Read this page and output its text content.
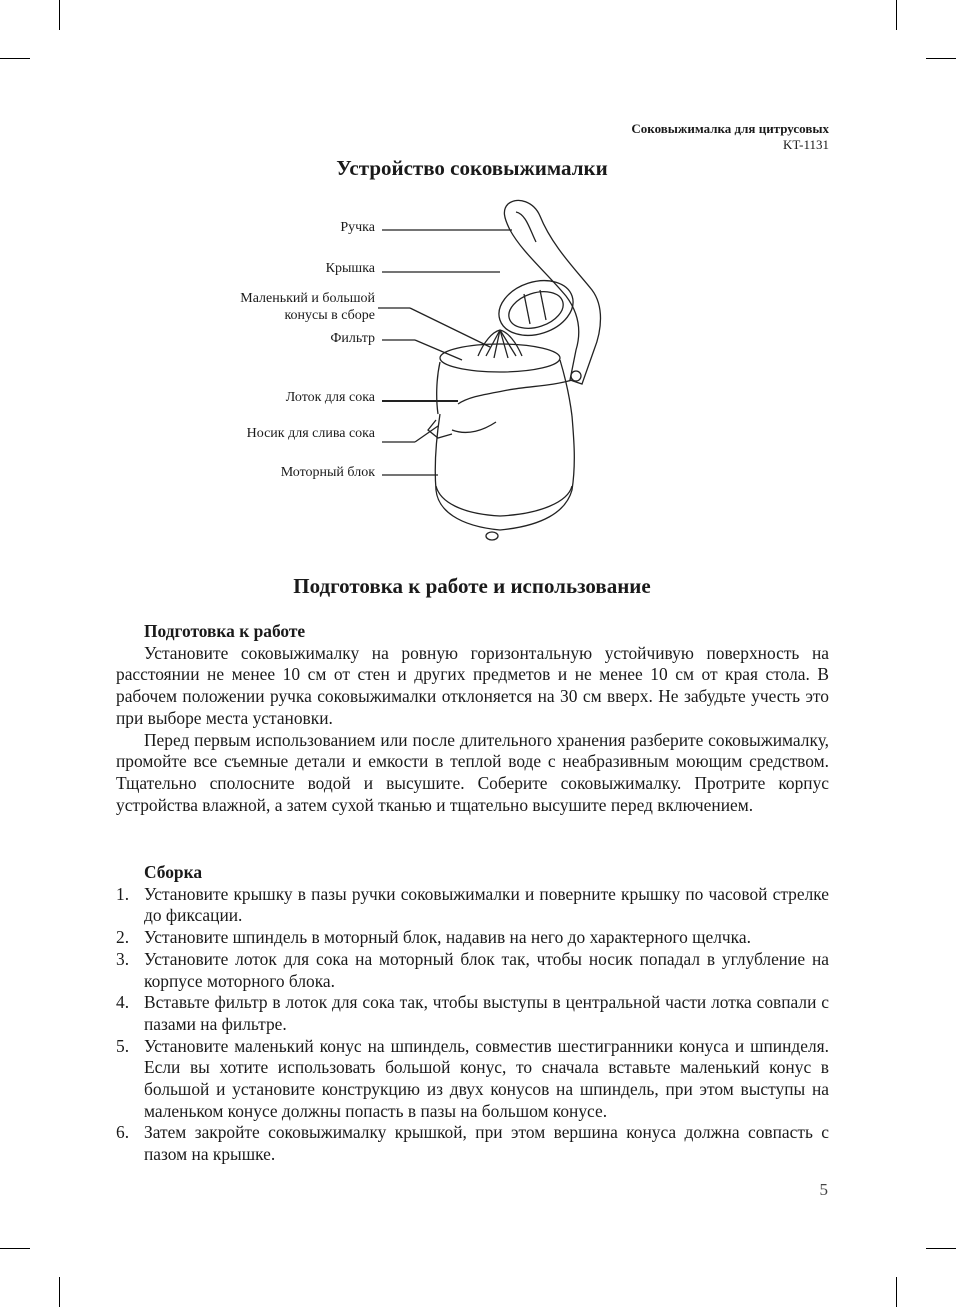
Соковыжималка для цитрусовых
KT-1131
Устройство соковыжималки
Ручка
Крышка
Маленький и большой
конусы в сборе
Фильтр
Лоток для сока
Носик для слива сока
Моторный блок
Подготовка к работе и использование
Подготовка к работе

Установите соковыжималку на ровную горизонтальную устойчивую поверхность на расстоянии не менее 10 см от стен и других предметов и не менее 10 см от края стола. В рабочем положении ручка соковыжималки отклоняется на 30 см вверх. Не забудьте учесть это при выборе места установки.

Перед первым использованием или после длительного хранения разберите соковыжималку, промойте все съемные детали и емкости в теплой воде с неабразивным моющим средством. Тщательно сполосните водой и высушите. Соберите соковыжималку. Протрите корпус устройства влажной, а затем сухой тканью и тщательно высушите перед включением.

Сборка
1. Установите крышку в пазы ручки соковыжималки и поверните крышку по часовой стрелке до фиксации.
2. Установите шпиндель в моторный блок, надавив на него до характерного щелчка.
3. Установите лоток для сока на моторный блок так, чтобы носик попадал в углубление на корпусе моторного блока.
4. Вставьте фильтр в лоток для сока так, чтобы выступы в центральной части лотка совпали с пазами на фильтре.
5. Установите маленький конус на шпиндель, совместив шестигранники конуса и шпинделя. Если вы хотите использовать большой конус, то сначала вставьте маленький конус в большой и установите конструкцию из двух конусов на шпиндель, при этом выступы на маленьком конусе должны попасть в пазы на большом конусе.
6. Затем закройте соковыжималку крышкой, при этом вершина конуса должна совпасть с пазом на крышке.
5
